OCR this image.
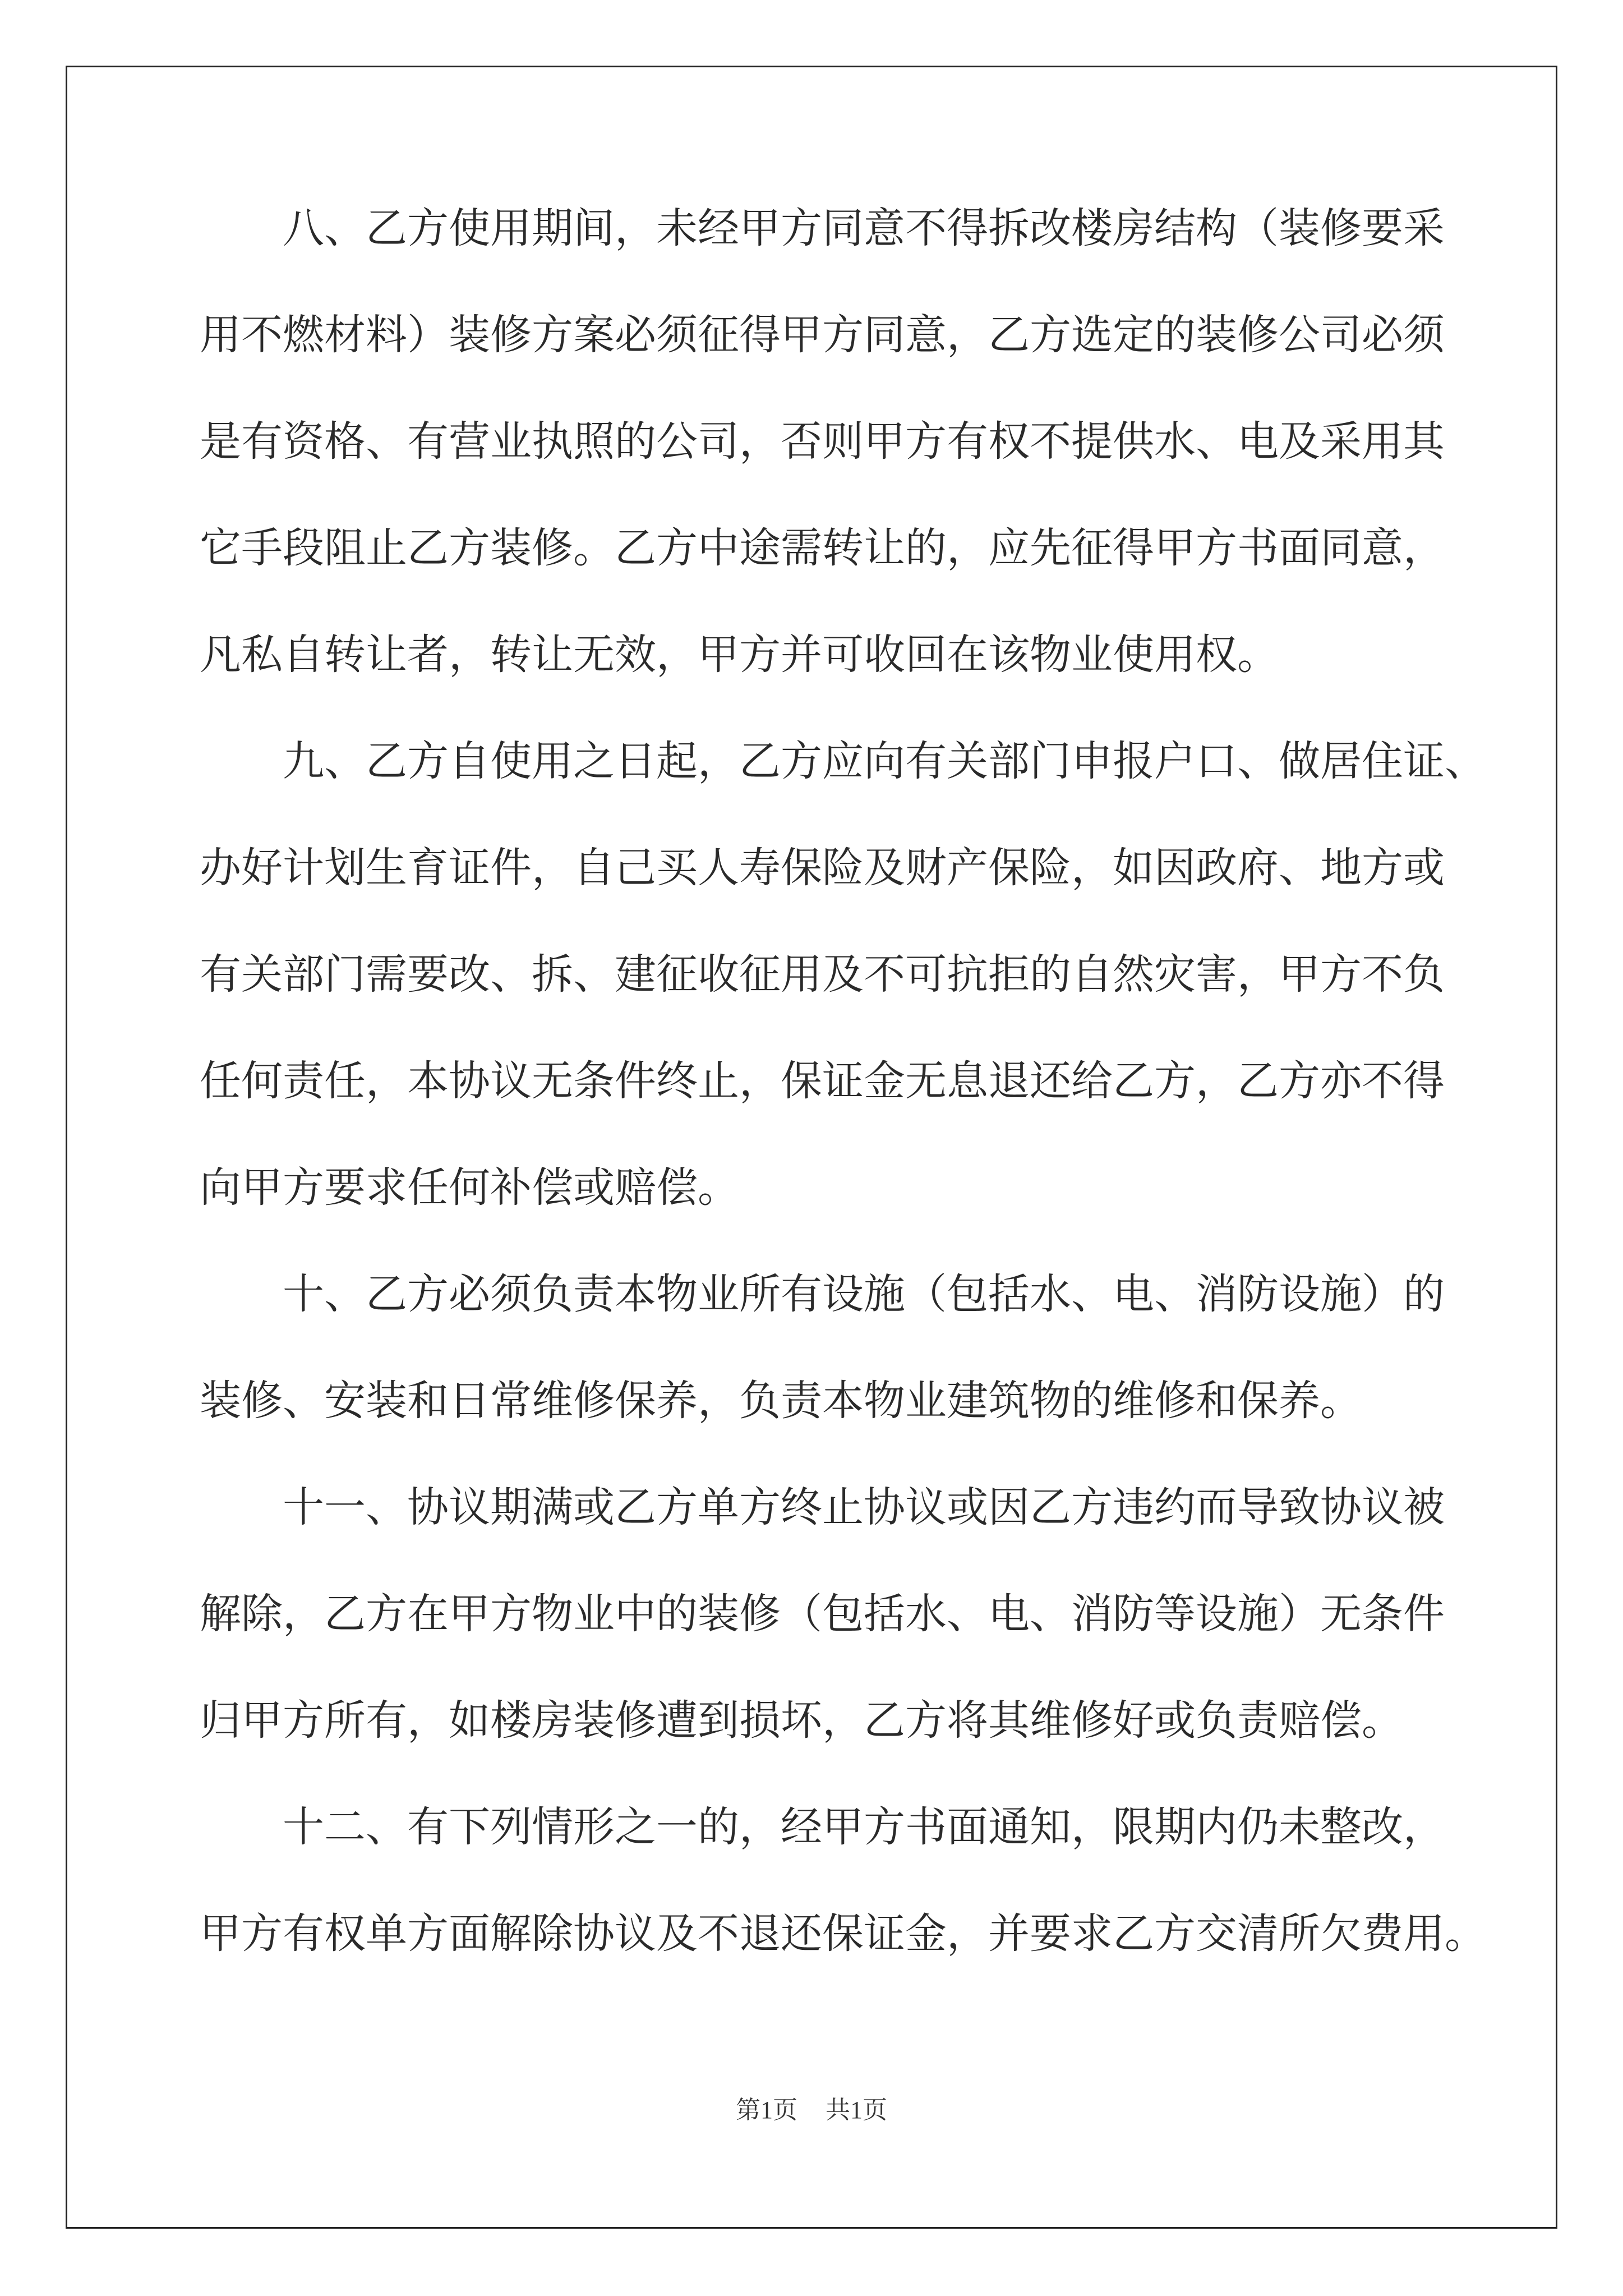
八、乙方使用期间，未经甲方同意不得拆改楼房结构（装修要采
用不燃材料）装修方案必须征得甲方同意，乙方选定的装修公司必须
是有资格、有营业执照的公司，否则甲方有权不提供水、电及采用其
它手段阻止乙方装修。乙方中途需转让的，应先征得甲方书面同意，
凡私自转让者，转让无效，甲方并可收回在该物业使用权。
九、乙方自使用之日起，乙方应向有关部门申报户口、做居住证、
办好计划生育证件，自己买人寿保险及财产保险，如因政府、地方或
有关部门需要改、拆、建征收征用及不可抗拒的自然灾害，甲方不负
任何责任，本协议无条件终止，保证金无息退还给乙方，乙方亦不得
向甲方要求任何补偿或赔偿。
十、乙方必须负责本物业所有设施（包括水、电、消防设施）的
装修、安装和日常维修保养，负责本物业建筑物的维修和保养。
十一、协议期满或乙方单方终止协议或因乙方违约而导致协议被
解除，乙方在甲方物业中的装修（包括水、电、消防等设施）无条件
归甲方所有，如楼房装修遭到损坏，乙方将其维修好或负责赔偿。
十二、有下列情形之一的，经甲方书面通知，限期内仍未整改，
甲方有权单方面解除协议及不退还保证金，并要求乙方交清所欠费用。
第1页 共1页
